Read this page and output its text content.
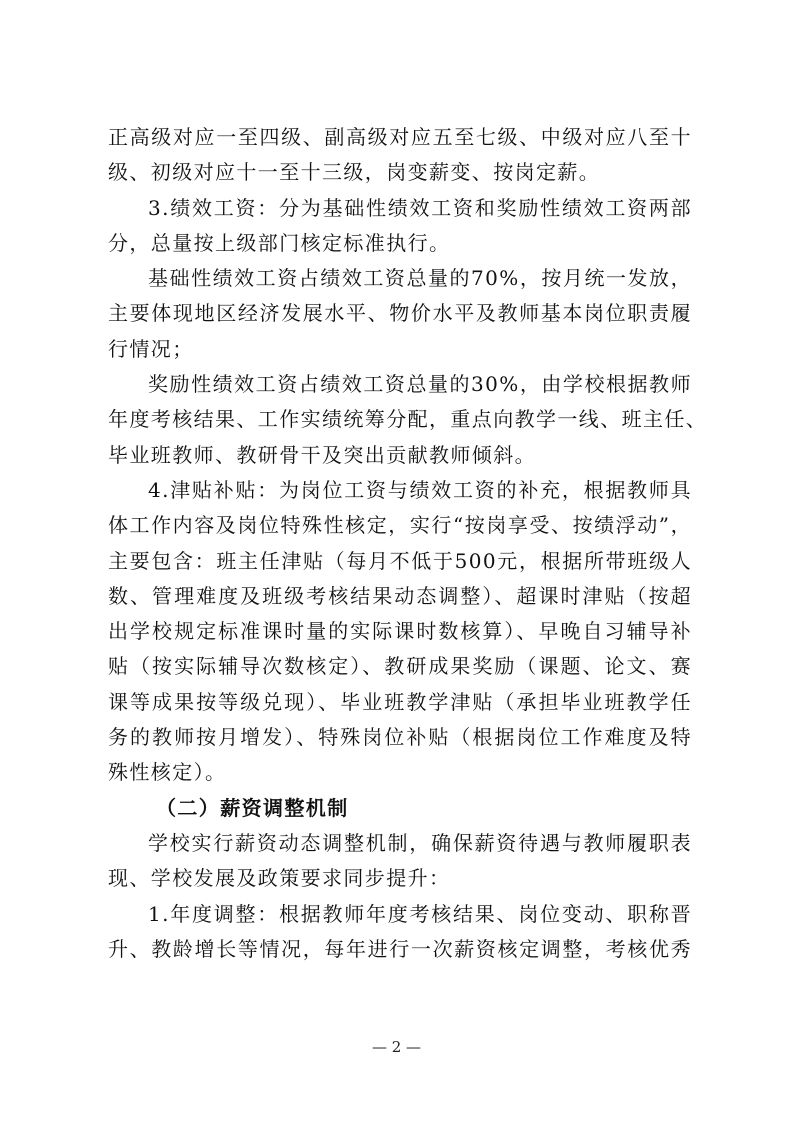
正高级对应一至四级、副高级对应五至七级、中级对应八至十
级、初级对应十一至十三级，岗变薪变、按岗定薪。
3.绩效工资：分为基础性绩效工资和奖励性绩效工资两部
分，总量按上级部门核定标准执行。
基础性绩效工资占绩效工资总量的70%，按月统一发放，
主要体现地区经济发展水平、物价水平及教师基本岗位职责履
行情况；
奖励性绩效工资占绩效工资总量的30%，由学校根据教师
年度考核结果、工作实绩统筹分配，重点向教学一线、班主任、
毕业班教师、教研骨干及突出贡献教师倾斜。
4.津贴补贴：为岗位工资与绩效工资的补充，根据教师具
体工作内容及岗位特殊性核定，实行“按岗享受、按绩浮动”，
主要包含：班主任津贴（每月不低于500元，根据所带班级人
数、管理难度及班级考核结果动态调整）、超课时津贴（按超
出学校规定标准课时量的实际课时数核算）、早晚自习辅导补
贴（按实际辅导次数核定）、教研成果奖励（课题、论文、赛
课等成果按等级兑现）、毕业班教学津贴（承担毕业班教学任
务的教师按月增发）、特殊岗位补贴（根据岗位工作难度及特
殊性核定）。
（二）薪资调整机制
学校实行薪资动态调整机制，确保薪资待遇与教师履职表
现、学校发展及政策要求同步提升：
1.年度调整：根据教师年度考核结果、岗位变动、职称晋
升、教龄增长等情况，每年进行一次薪资核定调整，考核优秀
— 2 —
